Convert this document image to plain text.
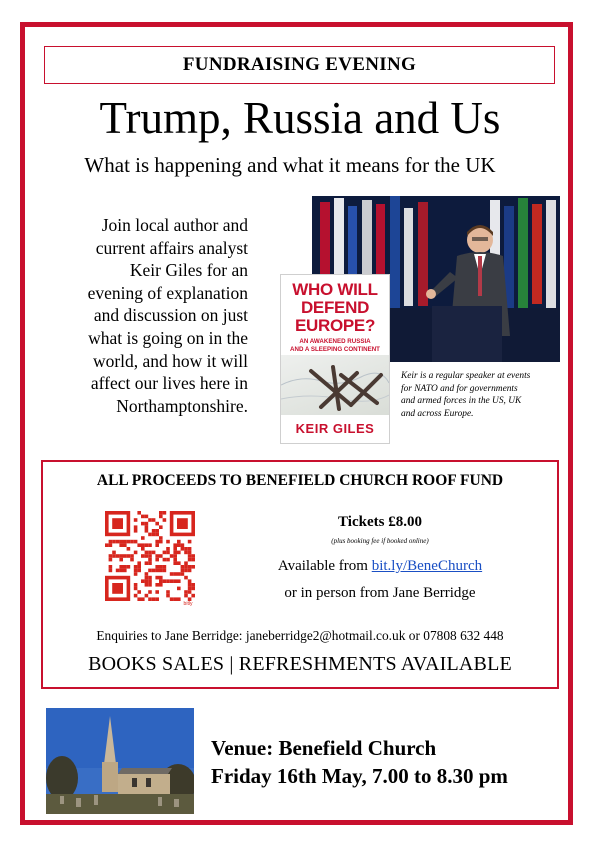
FUNDRAISING EVENING
Trump, Russia and Us
What is happening and what it means for the UK
Join local author and
current affairs analyst
Keir Giles for an
evening of explanation
and discussion on just
what is going on in the
world, and how it will
affect our lives here in
Northamptonshire.
WHO WILL
DEFEND
EUROPE?
AN AWAKENED RUSSIA
AND A SLEEPING CONTINENT
KEIR GILES
Keir is a regular speaker at events
for NATO and for governments
and armed forces in the US, UK
and across Europe.
ALL PROCEEDS TO BENEFIELD CHURCH ROOF FUND
bitly
Tickets £8.00
(plus booking fee if booked online)
Available from bit.ly/BeneChurch
or in person from Jane Berridge
Enquiries to Jane Berridge: janeberridge2@hotmail.co.uk or 07808 632 448
BOOKS SALES | REFRESHMENTS AVAILABLE
Venue: Benefield Church
Friday 16th May, 7.00 to 8.30 pm
